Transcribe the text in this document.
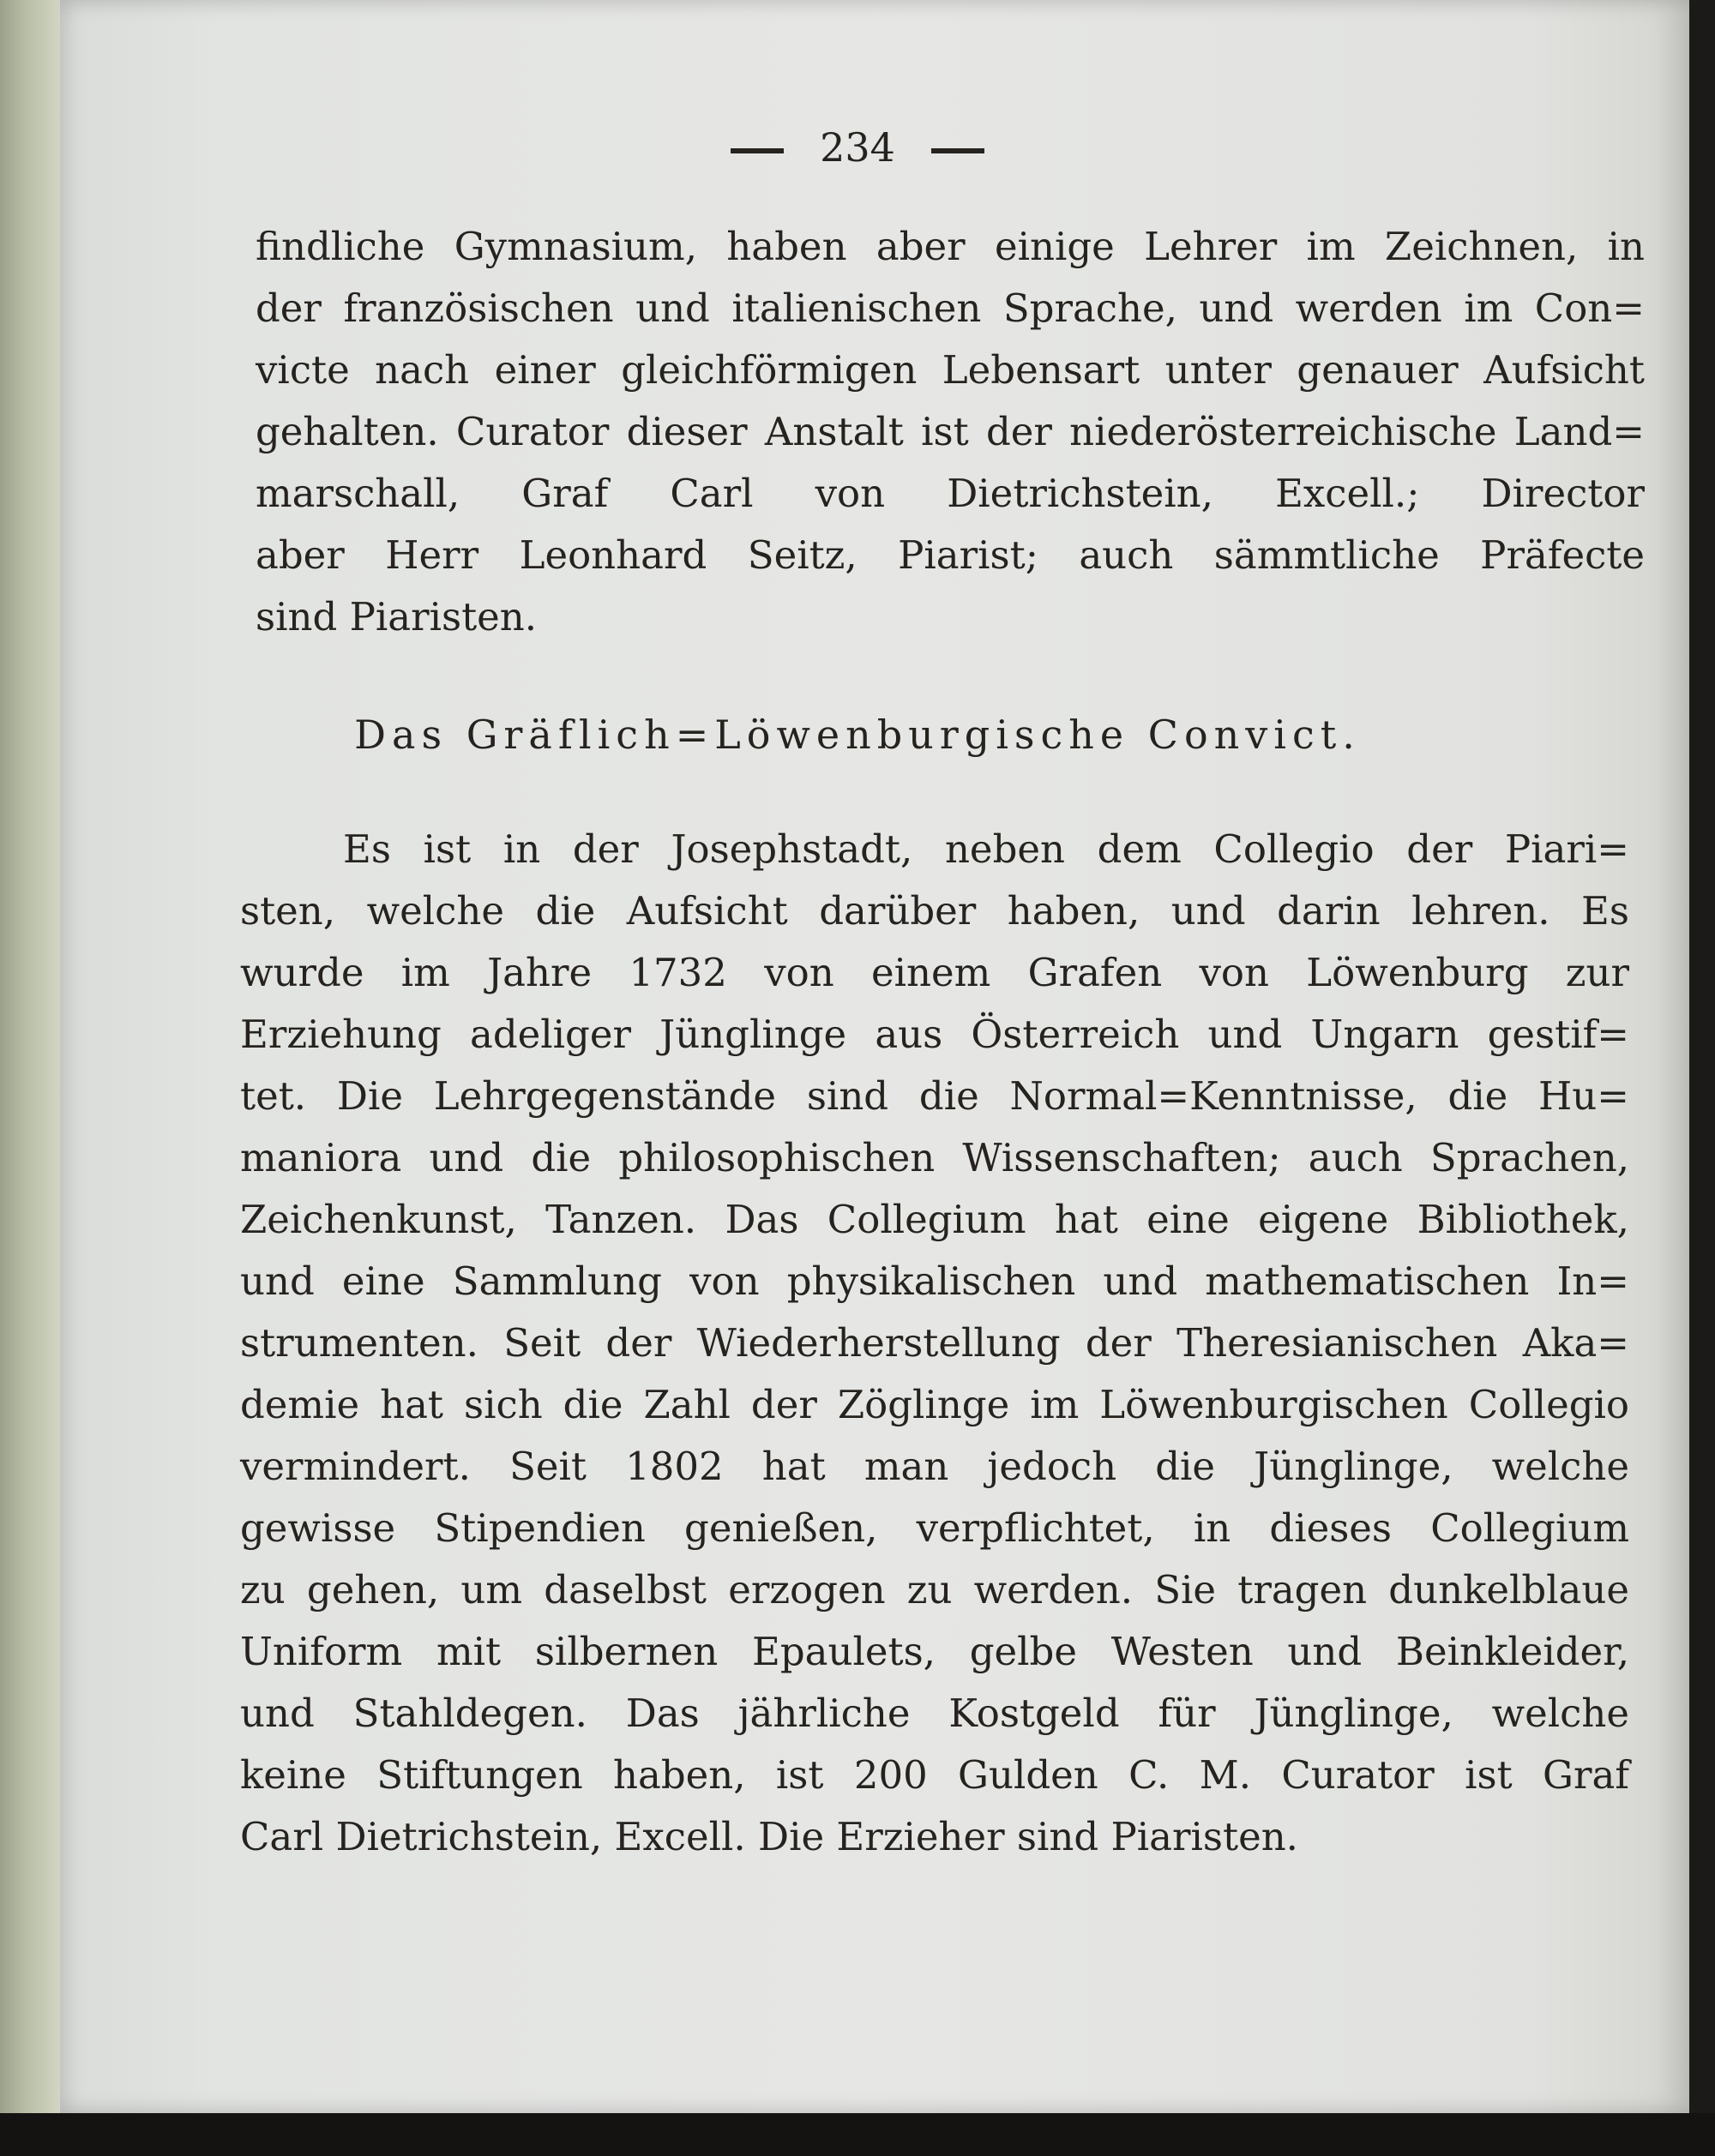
234
findliche Gymnasium, haben aber einige Lehrer im Zeichnen, in
der französischen und italienischen Sprache, und werden im Con=
victe nach einer gleichförmigen Lebensart unter genauer Aufsicht
gehalten. Curator dieser Anstalt ist der niederösterreichische Land=
marschall, Graf Carl von Dietrichstein, Excell.; Director
aber Herr Leonhard Seitz, Piarist; auch sämmtliche Präfecte
sind Piaristen.
Das Gräflich=Löwenburgische Convict.
Es ist in der Josephstadt, neben dem Collegio der Piari=
sten, welche die Aufsicht darüber haben, und darin lehren. Es
wurde im Jahre 1732 von einem Grafen von Löwenburg zur
Erziehung adeliger Jünglinge aus Österreich und Ungarn gestif=
tet. Die Lehrgegenstände sind die Normal=Kenntnisse, die Hu=
maniora und die philosophischen Wissenschaften; auch Sprachen,
Zeichenkunst, Tanzen. Das Collegium hat eine eigene Bibliothek,
und eine Sammlung von physikalischen und mathematischen In=
strumenten. Seit der Wiederherstellung der Theresianischen Aka=
demie hat sich die Zahl der Zöglinge im Löwenburgischen Collegio
vermindert. Seit 1802 hat man jedoch die Jünglinge, welche
gewisse Stipendien genießen, verpflichtet, in dieses Collegium
zu gehen, um daselbst erzogen zu werden. Sie tragen dunkelblaue
Uniform mit silbernen Epaulets, gelbe Westen und Beinkleider,
und Stahldegen. Das jährliche Kostgeld für Jünglinge, welche
keine Stiftungen haben, ist 200 Gulden C. M. Curator ist Graf
Carl Dietrichstein, Excell. Die Erzieher sind Piaristen.
